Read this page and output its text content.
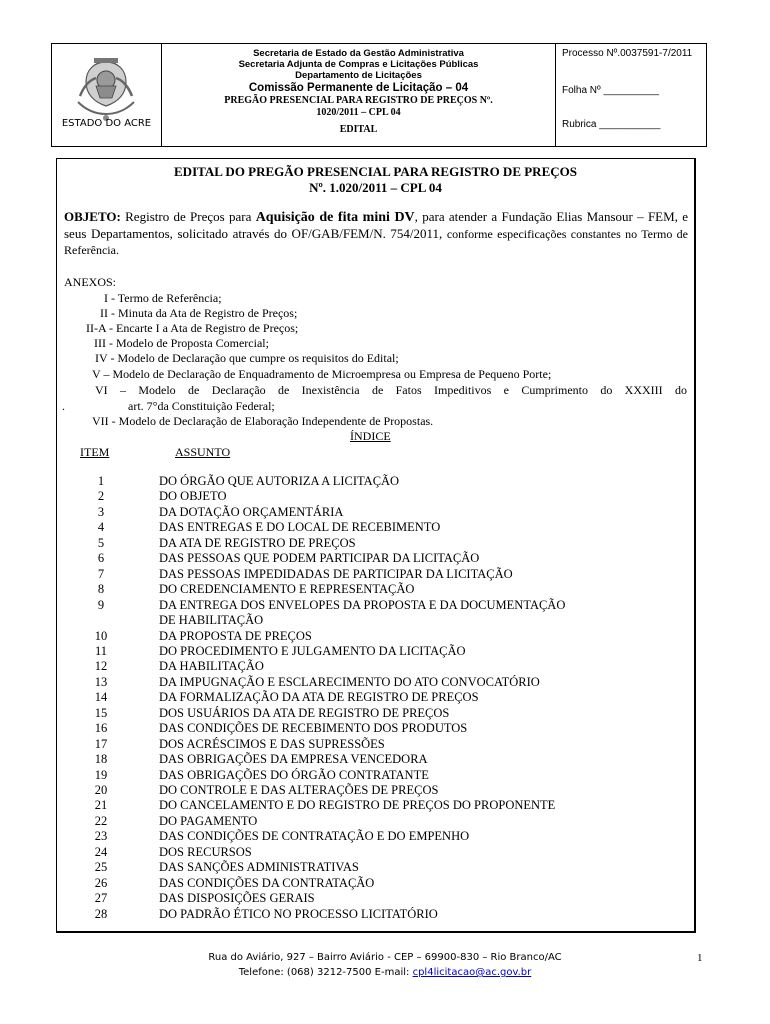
ESTADO DO ACRE
Secretaria de Estado da Gestão Administrativa
Secretaria Adjunta de Compras e Licitações Públicas
Departamento de Licitações
Comissão Permanente de Licitação – 04
PREGÃO PRESENCIAL PARA REGISTRO DE PREÇOS Nº.
1020/2011 – CPL 04
EDITAL
Processo Nº.0037591-7/2011
Folha Nº __________
Rubrica ___________
EDITAL DO PREGÃO PRESENCIAL PARA REGISTRO DE PREÇOS
Nº. 1.020/2011 – CPL 04
OBJETO: Registro de Preços para Aquisição de fita mini DV, para atender a Fundação Elias Mansour – FEM, e seus Departamentos, solicitado através do OF/GAB/FEM/N. 754/2011, conforme especificações constantes no Termo de Referência.
ANEXOS:
I - Termo de Referência;
II - Minuta da Ata de Registro de Preços;
II-A - Encarte I a Ata de Registro de Preços;
III - Modelo de Proposta Comercial;
IV - Modelo de Declaração que cumpre os requisitos do Edital;
V – Modelo de Declaração de Enquadramento de Microempresa ou Empresa de Pequeno Porte;
VI – Modelo de Declaração de Inexistência de Fatos Impeditivos e Cumprimento do XXXIII do
.	art. 7°da Constituição Federal;
VII - Modelo de Declaração de Elaboração Independente de Propostas.
ÍNDICE
ITEM	ASSUNTO
1	DO ÓRGÃO QUE AUTORIZA A LICITAÇÃO
2	DO OBJETO
3	DA DOTAÇÃO ORÇAMENTÁRIA
4	DAS ENTREGAS E DO LOCAL DE RECEBIMENTO
5	DA ATA DE REGISTRO DE PREÇOS
6	DAS PESSOAS QUE PODEM PARTICIPAR DA LICITAÇÃO
7	DAS PESSOAS IMPEDIDADAS DE PARTICIPAR DA LICITAÇÃO
8	DO CREDENCIAMENTO E REPRESENTAÇÃO
9	DA ENTREGA DOS ENVELOPES DA PROPOSTA E DA DOCUMENTAÇÃO
DE HABILITAÇÃO
10	DA PROPOSTA DE PREÇOS
11	DO PROCEDIMENTO E JULGAMENTO DA LICITAÇÃO
12	DA HABILITAÇÃO
13	DA IMPUGNAÇÃO E ESCLARECIMENTO DO ATO CONVOCATÓRIO
14	DA FORMALIZAÇÃO DA ATA DE REGISTRO DE PREÇOS
15	DOS USUÁRIOS DA ATA DE REGISTRO DE PREÇOS
16	DAS CONDIÇÕES DE RECEBIMENTO DOS PRODUTOS
17	DOS ACRÉSCIMOS E DAS SUPRESSÕES
18	DAS OBRIGAÇÕES DA EMPRESA VENCEDORA
19	DAS OBRIGAÇÕES DO ÓRGÃO CONTRATANTE
20	DO CONTROLE E DAS ALTERAÇÕES DE PREÇOS
21	DO CANCELAMENTO E DO REGISTRO DE PREÇOS DO PROPONENTE
22	DO PAGAMENTO
23	DAS CONDIÇÕES DE CONTRATAÇÃO E DO EMPENHO
24	DOS RECURSOS
25	DAS SANÇÕES ADMINISTRATIVAS
26	DAS CONDIÇÕES DA CONTRATAÇÃO
27	DAS DISPOSIÇÕES GERAIS
28	DO PADRÃO ÉTICO NO PROCESSO LICITATÓRIO
Rua do Aviário, 927 – Bairro Aviário - CEP – 69900-830 – Rio Branco/AC
Telefone: (068) 3212-7500 E-mail: cpl4licitacao@ac.gov.br
1
